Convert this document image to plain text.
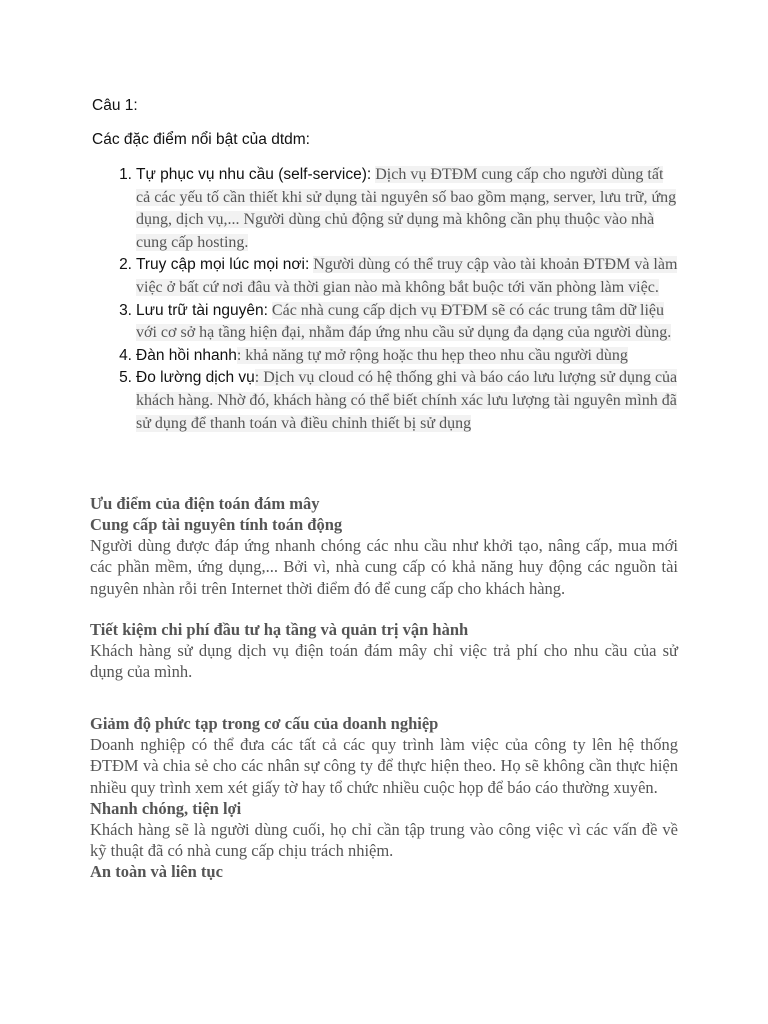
Câu 1:
Các đặc điểm nổi bật của dtdm:
1. Tự phục vụ nhu cầu (self-service): Dịch vụ ĐTĐM cung cấp cho người dùng tất cả các yếu tố cần thiết khi sử dụng tài nguyên số bao gồm mạng, server, lưu trữ, ứng dụng, dịch vụ,... Người dùng chủ động sử dụng mà không cần phụ thuộc vào nhà cung cấp hosting.
2. Truy cập mọi lúc mọi nơi: Người dùng có thể truy cập vào tài khoản ĐTĐM và làm việc ở bất cứ nơi đâu và thời gian nào mà không bắt buộc tới văn phòng làm việc.
3. Lưu trữ tài nguyên: Các nhà cung cấp dịch vụ ĐTĐM sẽ có các trung tâm dữ liệu với cơ sở hạ tầng hiện đại, nhằm đáp ứng nhu cầu sử dụng đa dạng của người dùng.
4. Đàn hồi nhanh: khả năng tự mở rộng hoặc thu hẹp theo nhu cầu người dùng
5. Đo lường dịch vụ: Dịch vụ cloud có hệ thống ghi và báo cáo lưu lượng sử dụng của khách hàng. Nhờ đó, khách hàng có thể biết chính xác lưu lượng tài nguyên mình đã sử dụng để thanh toán và điều chỉnh thiết bị sử dụng
Ưu điểm của điện toán đám mây
Cung cấp tài nguyên tính toán động

Người dùng được đáp ứng nhanh chóng các nhu cầu như khởi tạo, nâng cấp, mua mới các phần mềm, ứng dụng,... Bởi vì, nhà cung cấp có khả năng huy động các nguồn tài nguyên nhàn rỗi trên Internet thời điểm đó để cung cấp cho khách hàng.

Tiết kiệm chi phí đầu tư hạ tầng và quản trị vận hành

Khách hàng sử dụng dịch vụ điện toán đám mây chỉ việc trả phí cho nhu cầu của sử dụng của mình.

Giảm độ phức tạp trong cơ cấu của doanh nghiệp

Doanh nghiệp có thể đưa các tất cả các quy trình làm việc của công ty lên hệ thống ĐTĐM và chia sẻ cho các nhân sự công ty để thực hiện theo. Họ sẽ không cần thực hiện nhiều quy trình xem xét giấy tờ hay tổ chức nhiều cuộc họp để báo cáo thường xuyên.

Nhanh chóng, tiện lợi

Khách hàng sẽ là người dùng cuối, họ chỉ cần tập trung vào công việc vì các vấn đề về kỹ thuật đã có nhà cung cấp chịu trách nhiệm.

An toàn và liên tục
